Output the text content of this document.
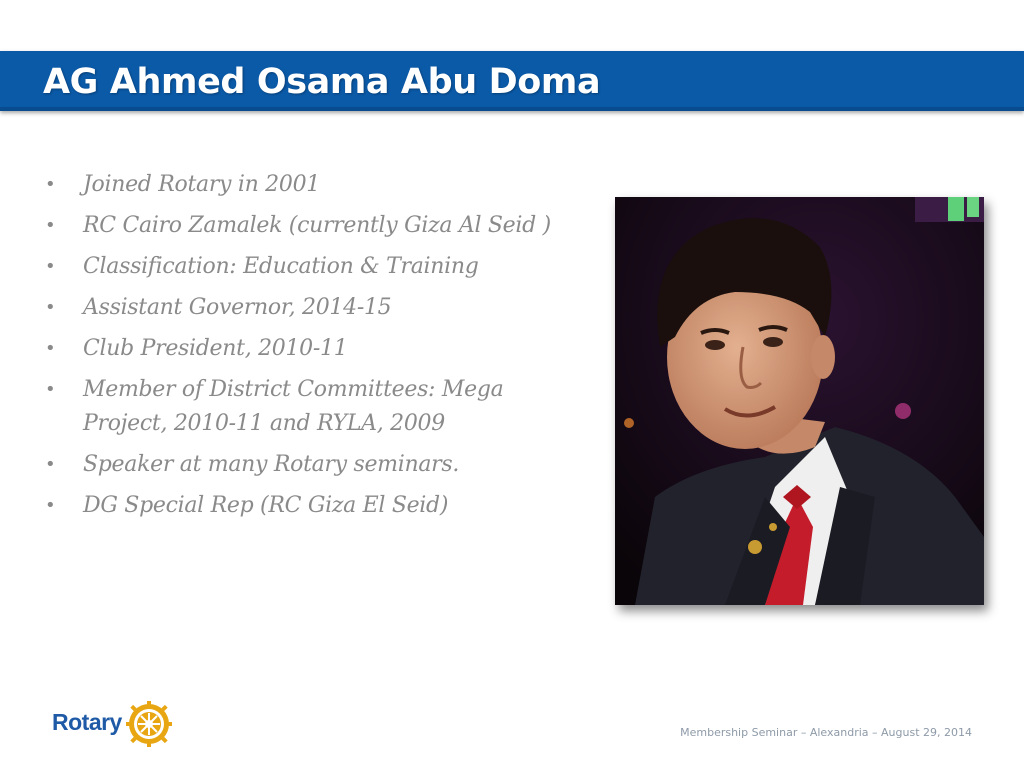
AG Ahmed Osama Abu Doma
• Joined Rotary in 2001
• RC Cairo Zamalek (currently Giza Al Seid )
• Classification: Education & Training
• Assistant Governor, 2014-15
• Club President, 2010-11
• Member of District Committees: Mega Project, 2010-11 and RYLA, 2009
• Speaker at many Rotary seminars.
• DG Special Rep (RC Giza El Seid)
Rotary	Membership Seminar – Alexandria – August 29, 2014
